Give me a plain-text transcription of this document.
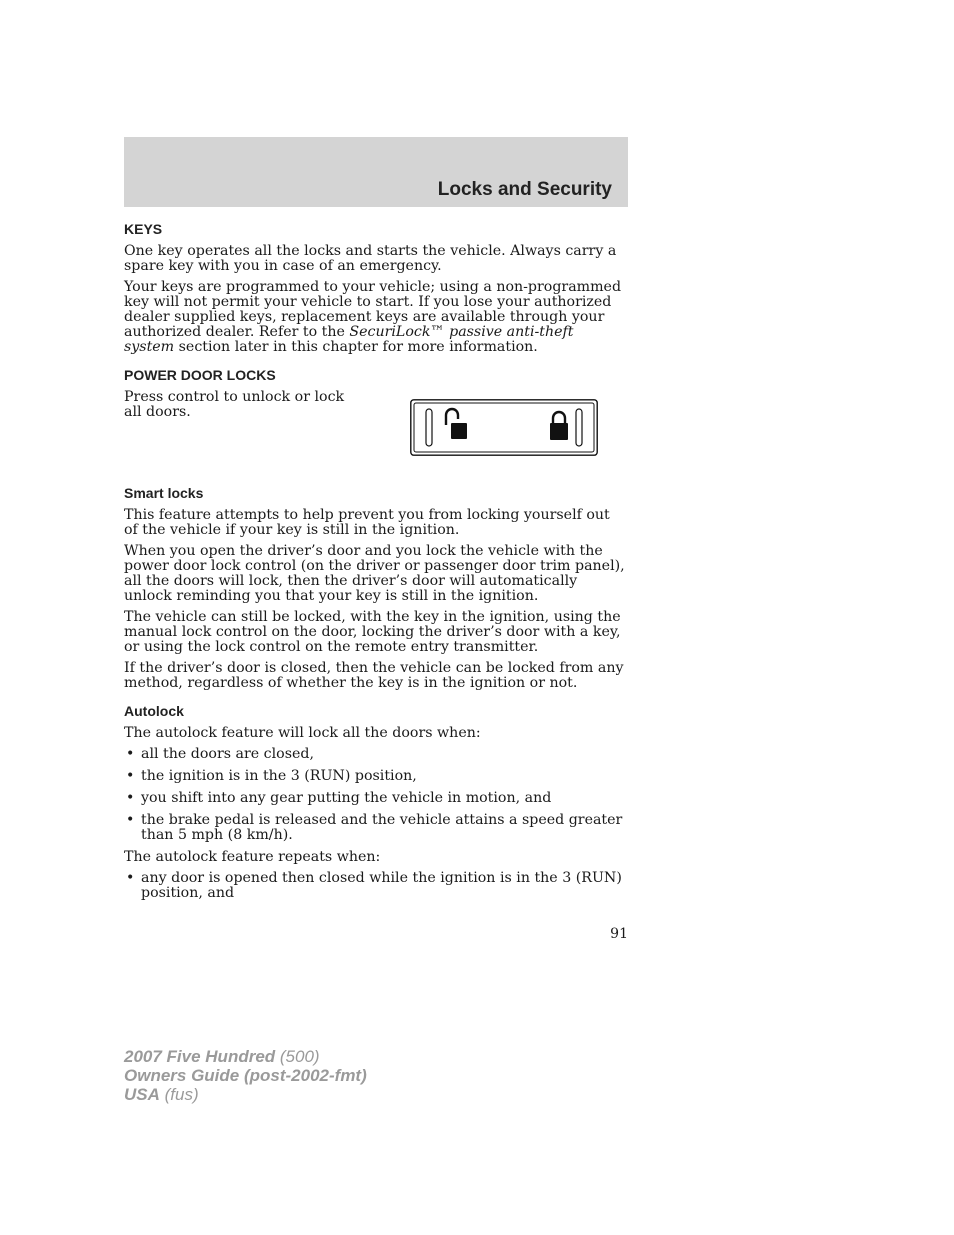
Locks and Security
KEYS

One key operates all the locks and starts the vehicle. Always carry a spare key with you in case of an emergency.

Your keys are programmed to your vehicle; using a non-programmed key will not permit your vehicle to start. If you lose your authorized dealer supplied keys, replacement keys are available through your authorized dealer. Refer to the SecuriLock™ passive anti-theft system section later in this chapter for more information.

POWER DOOR LOCKS

Press control to unlock or lock all doors.

Smart locks

This feature attempts to help prevent you from locking yourself out of the vehicle if your key is still in the ignition.

When you open the driver’s door and you lock the vehicle with the power door lock control (on the driver or passenger door trim panel), all the doors will lock, then the driver’s door will automatically unlock reminding you that your key is still in the ignition.

The vehicle can still be locked, with the key in the ignition, using the manual lock control on the door, locking the driver’s door with a key, or using the lock control on the remote entry transmitter.

If the driver’s door is closed, then the vehicle can be locked from any method, regardless of whether the key is in the ignition or not.

Autolock

The autolock feature will lock all the doors when:

• all the doors are closed,
• the ignition is in the 3 (RUN) position,
• you shift into any gear putting the vehicle in motion, and
• the brake pedal is released and the vehicle attains a speed greater than 5 mph (8 km/h).

The autolock feature repeats when:

• any door is opened then closed while the ignition is in the 3 (RUN) position, and
91
2007 Five Hundred (500)
Owners Guide (post-2002-fmt)
USA (fus)
